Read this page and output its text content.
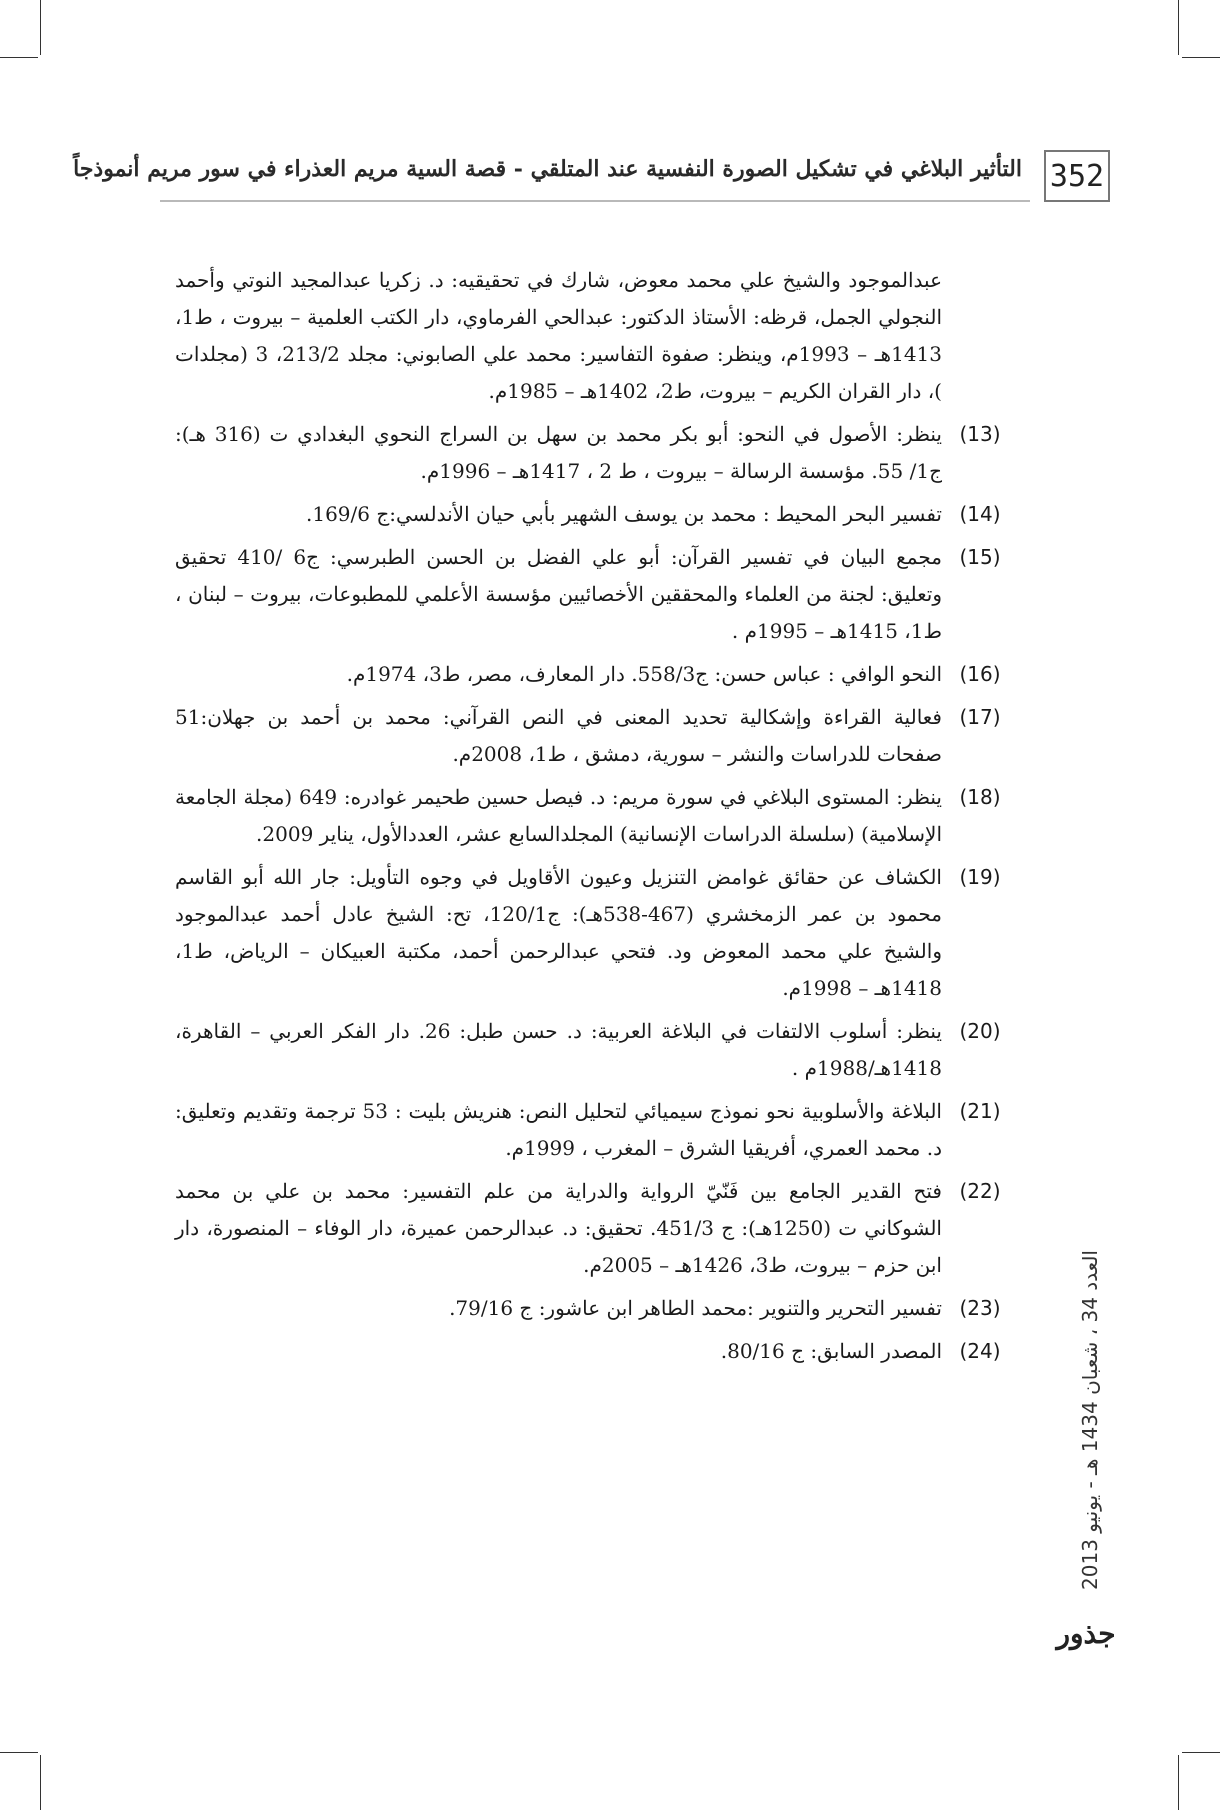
352
التأثير البلاغي في تشكيل الصورة النفسية عند المتلقي - قصة السية مريم العذراء في سور مريم أنموذجاً
عبدالموجود والشيخ علي محمد معوض، شارك في تحقيقيه: د. زكريا عبدالمجيد النوتي وأحمد النجولي الجمل، قرظه: الأستاذ الدكتور: عبدالحي الفرماوي، دار الكتب العلمية – بيروت ، ط1، 1413هـ – 1993م، وينظر: صفوة التفاسير: محمد علي الصابوني: مجلد 213/2، 3 (مجلدات )، دار القران الكريم – بيروت، ط2، 1402هـ – 1985م.
(13)
ينظر: الأصول في النحو: أبو بكر محمد بن سهل بن السراج النحوي البغدادي ت (316 هـ): ج1/ 55. مؤسسة الرسالة – بيروت ، ط 2 ، 1417هـ – 1996م.
(14)
تفسير البحر المحيط : محمد بن يوسف الشهير بأبي حيان الأندلسي:ج 169/6.
(15)
مجمع البيان في تفسير القرآن: أبو علي الفضل بن الحسن الطبرسي: ج6 /410 تحقيق وتعليق: لجنة من العلماء والمحققين الأخصائيين مؤسسة الأعلمي للمطبوعات، بيروت – لبنان ، ط1، 1415هـ – 1995م .
(16)
النحو الوافي : عباس حسن: ج558/3. دار المعارف، مصر، ط3، 1974م.
(17)
فعالية القراءة وإشكالية تحديد المعنى في النص القرآني: محمد بن أحمد بن جهلان:51 صفحات للدراسات والنشر – سورية، دمشق ، ط1، 2008م.
(18)
ينظر: المستوى البلاغي في سورة مريم: د. فيصل حسين طحيمر غوادره: 649 (مجلة الجامعة الإسلامية) (سلسلة الدراسات الإنسانية) المجلدالسابع عشر، العددالأول، يناير 2009.
(19)
الكشاف عن حقائق غوامض التنزيل وعيون الأقاويل في وجوه التأويل: جار الله أبو القاسم محمود بن عمر الزمخشري (467-538هـ): ج120/1، تح: الشيخ عادل أحمد عبدالموجود والشيخ علي محمد المعوض ود. فتحي عبدالرحمن أحمد، مكتبة العبيكان – الرياض، ط1، 1418هـ – 1998م.
(20)
ينظر: أسلوب الالتفات في البلاغة العربية: د. حسن طبل: 26. دار الفكر العربي – القاهرة، 1418هـ/1988م .
(21)
البلاغة والأسلوبية نحو نموذج سيميائي لتحليل النص: هنريش بليت : 53 ترجمة وتقديم وتعليق: د. محمد العمري، أفريقيا الشرق – المغرب ، 1999م.
(22)
فتح القدير الجامع بين فَنّيّ الرواية والدراية من علم التفسير: محمد بن علي بن محمد الشوكاني ت (1250هـ): ج 451/3. تحقيق: د. عبدالرحمن عميرة، دار الوفاء – المنصورة، دار ابن حزم – بيروت، ط3، 1426هـ – 2005م.
(23)
تفسير التحرير والتنوير :محمد الطاهر ابن عاشور: ج 79/16.
(24)
المصدر السابق: ج 80/16.
العدد 34 ، شعبان 1434 هـ - يونيو 2013
جذور
